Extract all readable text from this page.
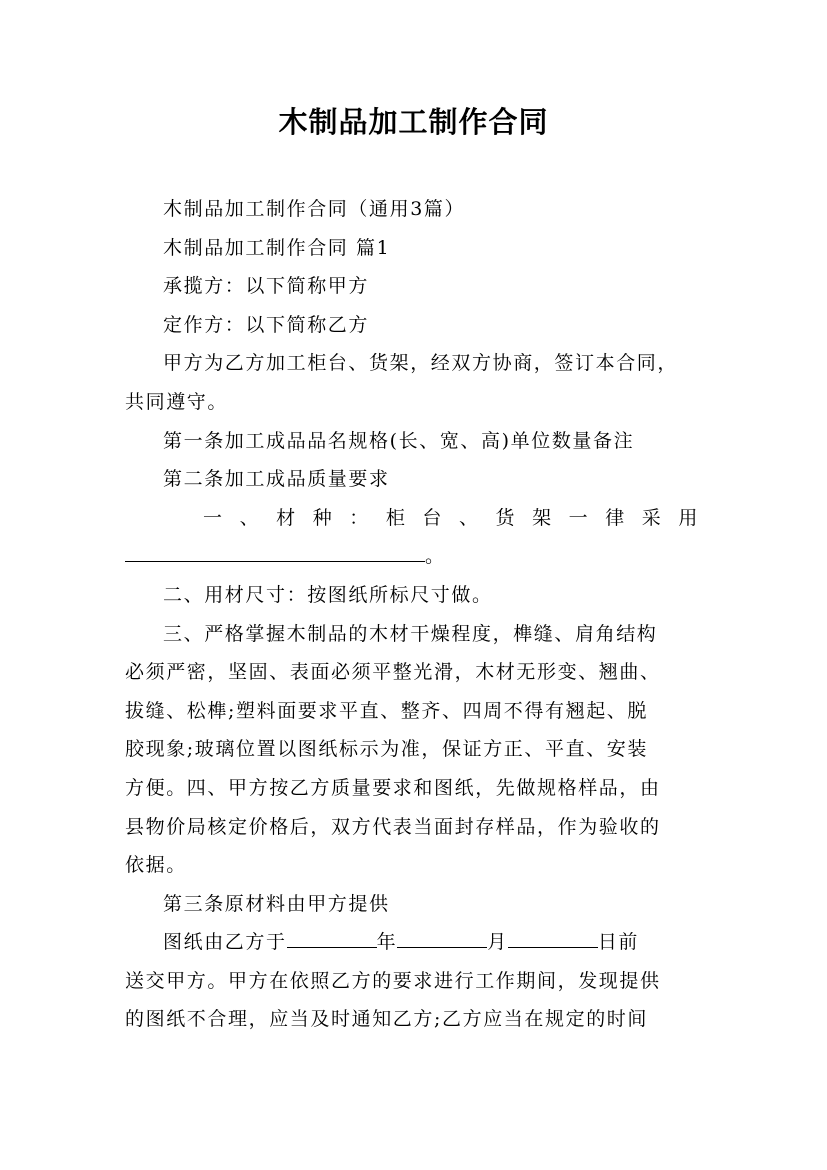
木制品加工制作合同

木制品加工制作合同（通用3篇）

木制品加工制作合同 篇1

承揽方：以下简称甲方

定作方：以下简称乙方

甲方为乙方加工柜台、货架，经双方协商，签订本合同，

共同遵守。

第一条加工成品品名规格(长、宽、高)单位数量备注

第二条加工成品质量要求

一 、 材 种 ： 柜 台 、 货 架 一 律 采 用

。

二、用材尺寸：按图纸所标尺寸做。

三、严格掌握木制品的木材干燥程度，榫缝、肩角结构
必须严密，坚固、表面必须平整光滑，木材无形变、翘曲、
拔缝、松榫;塑料面要求平直、整齐、四周不得有翘起、脱
胶现象;玻璃位置以图纸标示为准，保证方正、平直、安装
方便。四、甲方按乙方质量要求和图纸，先做规格样品，由
县物价局核定价格后，双方代表当面封存样品，作为验收的
依据。

第三条原材料由甲方提供

图纸由乙方于	年	月	日前

送交甲方。甲方在依照乙方的要求进行工作期间，发现提供
的图纸不合理，应当及时通知乙方;乙方应当在规定的时间
